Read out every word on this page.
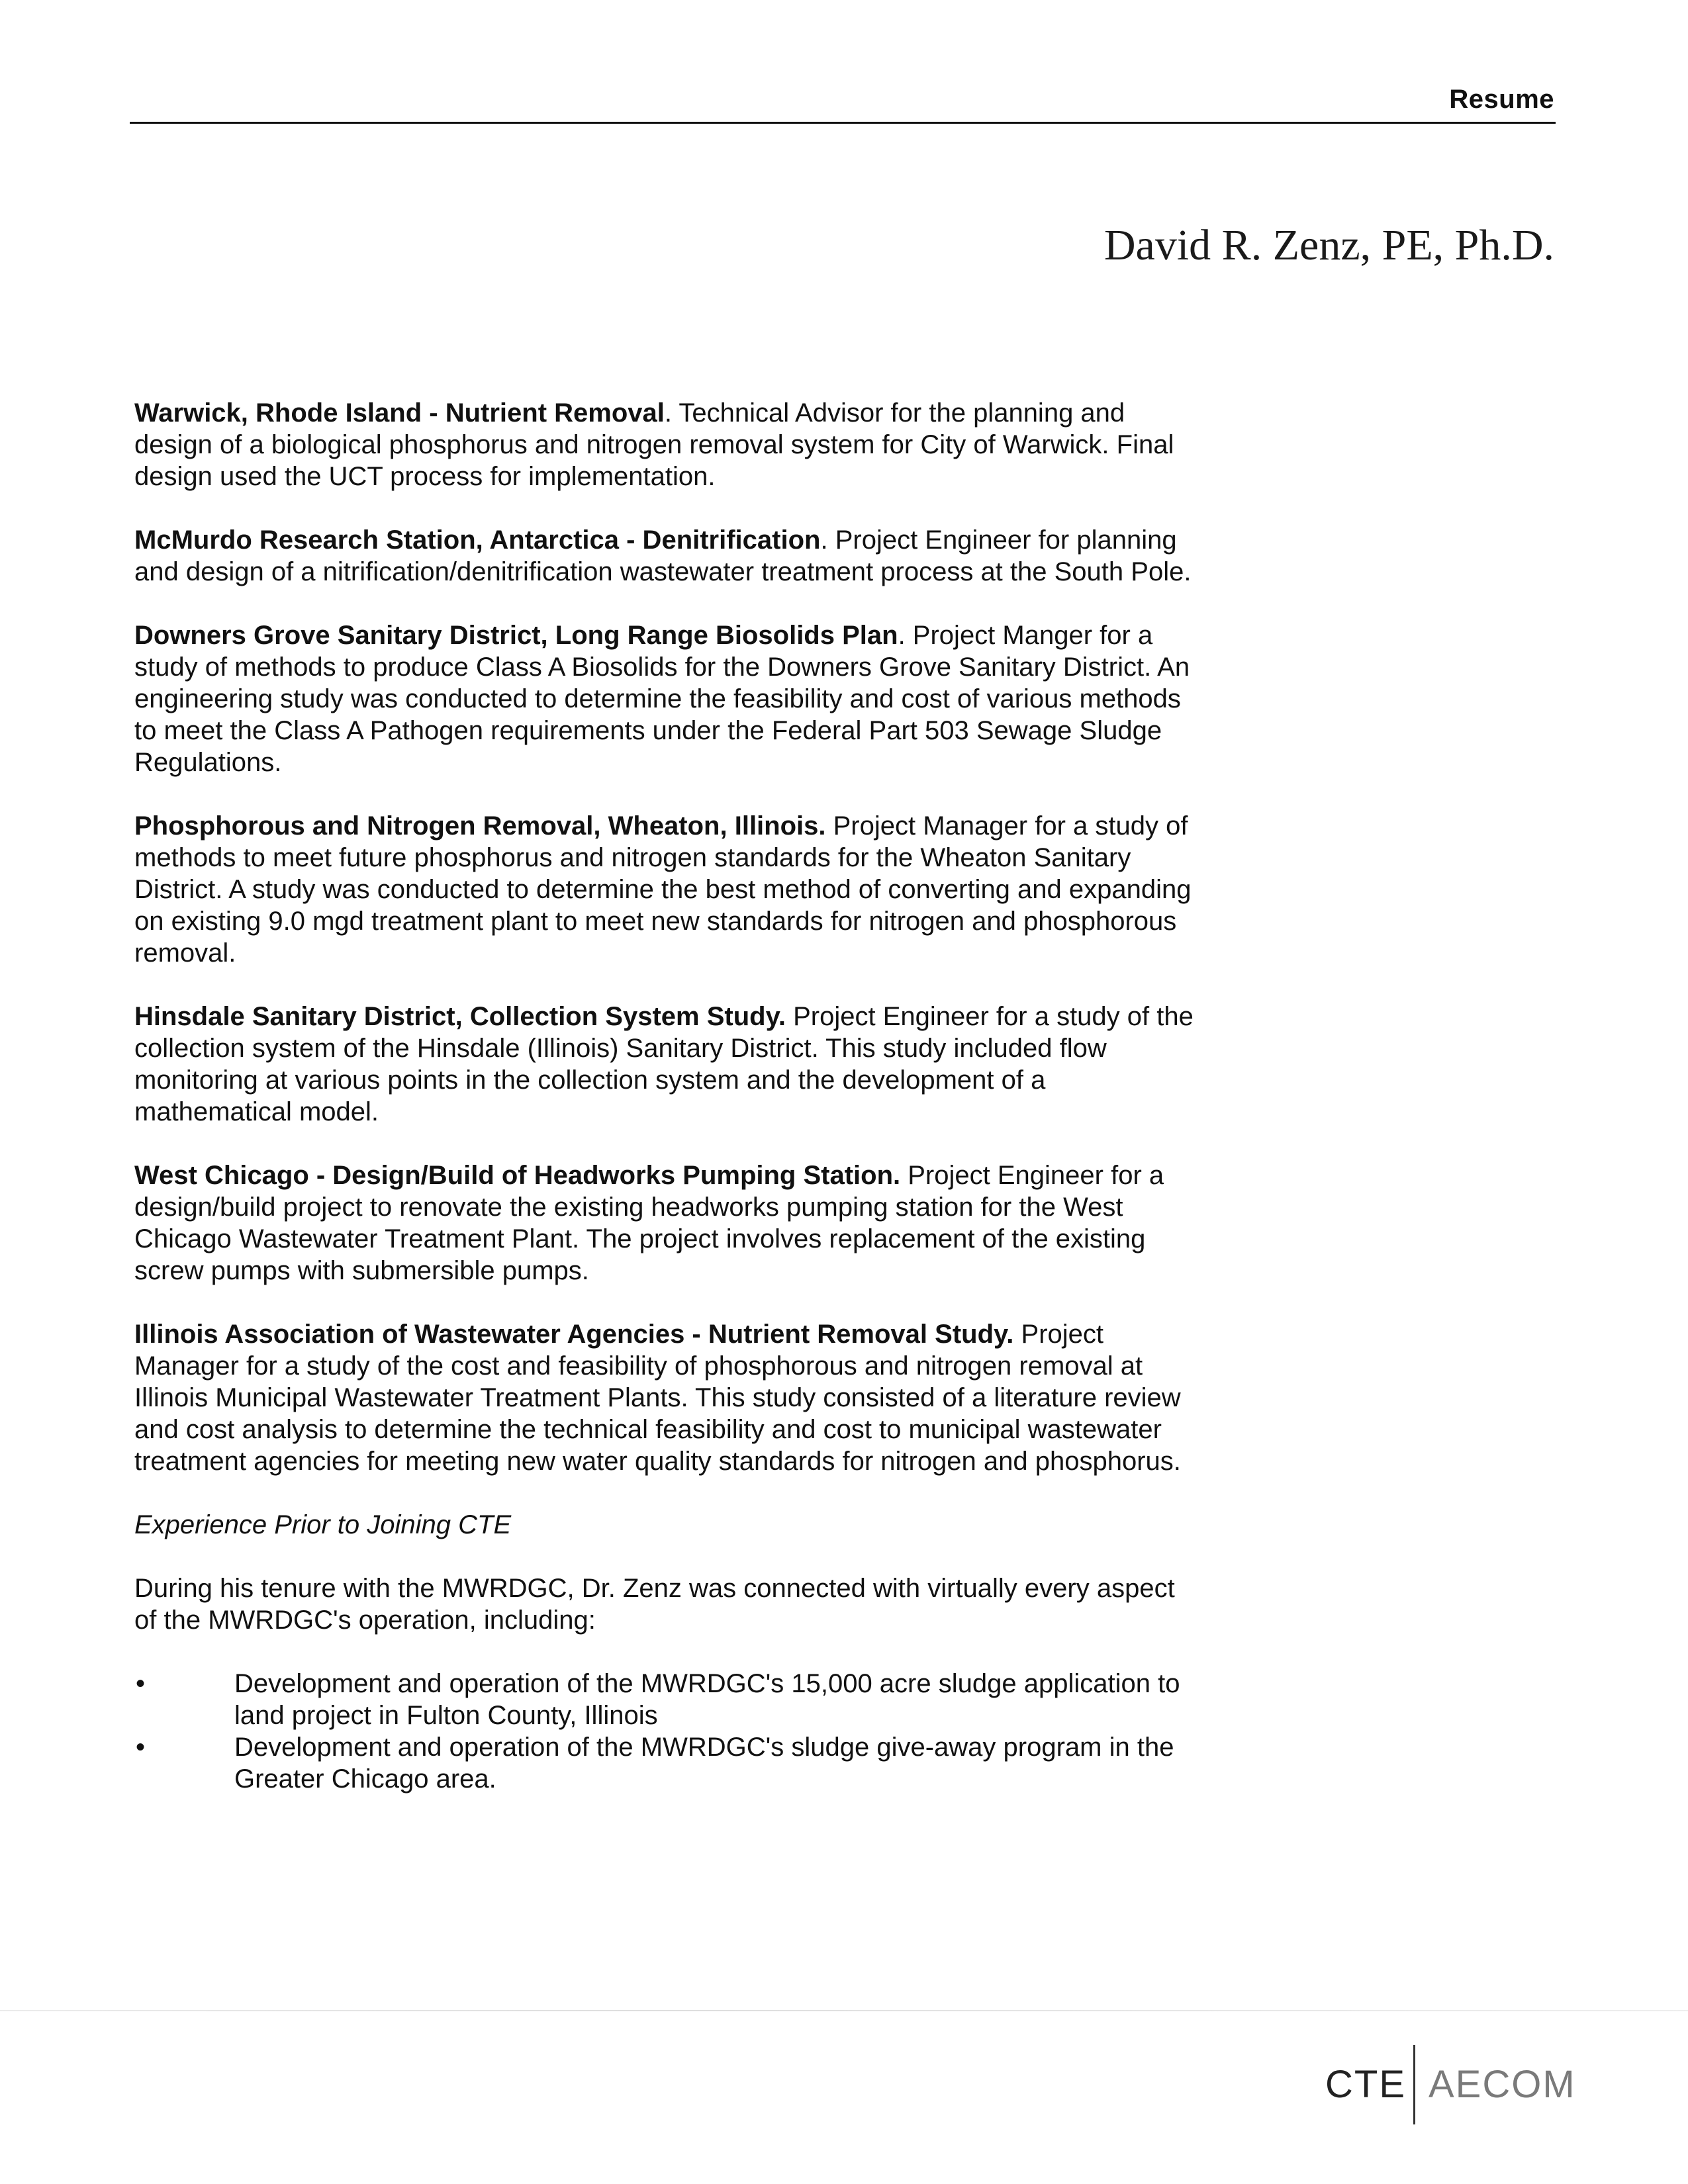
Resume
David R. Zenz, PE, Ph.D.

Warwick, Rhode Island - Nutrient Removal. Technical Advisor for the planning and design of a biological phosphorus and nitrogen removal system for City of Warwick. Final design used the UCT process for implementation.

McMurdo Research Station, Antarctica - Denitrification. Project Engineer for planning and design of a nitrification/denitrification wastewater treatment process at the South Pole.

Downers Grove Sanitary District, Long Range Biosolids Plan. Project Manger for a study of methods to produce Class A Biosolids for the Downers Grove Sanitary District. An engineering study was conducted to determine the feasibility and cost of various methods to meet the Class A Pathogen requirements under the Federal Part 503 Sewage Sludge Regulations.

Phosphorous and Nitrogen Removal, Wheaton, Illinois. Project Manager for a study of methods to meet future phosphorus and nitrogen standards for the Wheaton Sanitary District. A study was conducted to determine the best method of converting and expanding on existing 9.0 mgd treatment plant to meet new standards for nitrogen and phosphorous removal.

Hinsdale Sanitary District, Collection System Study. Project Engineer for a study of the collection system of the Hinsdale (Illinois) Sanitary District. This study included flow monitoring at various points in the collection system and the development of a mathematical model.

West Chicago - Design/Build of Headworks Pumping Station. Project Engineer for a design/build project to renovate the existing headworks pumping station for the West Chicago Wastewater Treatment Plant. The project involves replacement of the existing screw pumps with submersible pumps.

Illinois Association of Wastewater Agencies - Nutrient Removal Study. Project Manager for a study of the cost and feasibility of phosphorous and nitrogen removal at Illinois Municipal Wastewater Treatment Plants. This study consisted of a literature review and cost analysis to determine the technical feasibility and cost to municipal wastewater treatment agencies for meeting new water quality standards for nitrogen and phosphorus.

Experience Prior to Joining CTE

During his tenure with the MWRDGC, Dr. Zenz was connected with virtually every aspect of the MWRDGC's operation, including:

•	Development and operation of the MWRDGC's 15,000 acre sludge application to land project in Fulton County, Illinois
•	Development and operation of the MWRDGC's sludge give-away program in the Greater Chicago area.
CTE AECOM
